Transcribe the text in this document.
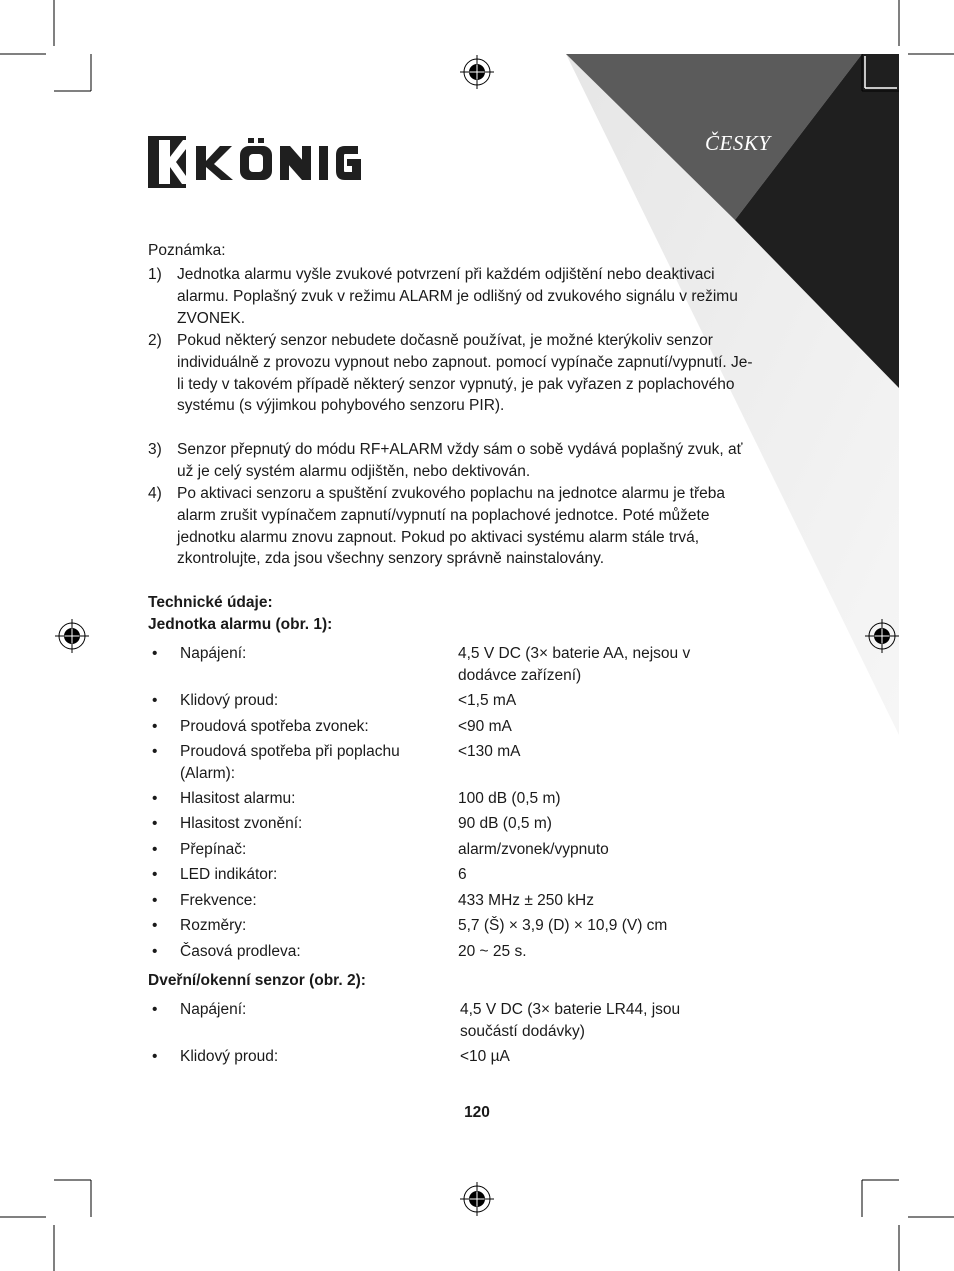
ČESKY
Poznámka:
1) Jednotka alarmu vyšle zvukové potvrzení při každém odjištění nebo deaktivaci alarmu. Poplašný zvuk v režimu ALARM je odlišný od zvukového signálu v režimu ZVONEK.
2) Pokud některý senzor nebudete dočasně používat, je možné kterýkoliv senzor individuálně z provozu vypnout nebo zapnout. pomocí vypínače zapnutí/vypnutí. Je-li tedy v takovém případě některý senzor vypnutý, je pak vyřazen z poplachového systému (s výjimkou pohybového senzoru PIR).
3) Senzor přepnutý do módu RF+ALARM vždy sám o sobě vydává poplašný zvuk, ať už je celý systém alarmu odjištěn, nebo dektivován.
4) Po aktivaci senzoru a spuštění zvukového poplachu na jednotce alarmu je třeba alarm zrušit vypínačem zapnutí/vypnutí na poplachové jednotce. Poté můžete jednotku alarmu znovu zapnout. Pokud po aktivaci systému alarm stále trvá, zkontrolujte, zda jsou všechny senzory správně nainstalovány.
Technické údaje:
Jednotka alarmu (obr. 1):
• Napájení:	4,5 V DC (3× baterie AA, nejsou v dodávce zařízení)
• Klidový proud:	<1,5 mA
• Proudová spotřeba zvonek:	<90 mA
• Proudová spotřeba při poplachu (Alarm):
<130 mA
• Hlasitost alarmu:	100 dB (0,5 m)
• Hlasitost zvonění:	90 dB (0,5 m)
• Přepínač:	alarm/zvonek/vypnuto
• LED indikátor:	6
• Frekvence:	433 MHz ± 250 kHz
• Rozměry:	5,7 (Š) × 3,9 (D) × 10,9 (V) cm
• Časová prodleva:	20 ~ 25 s.
Dveřní/okenní senzor (obr. 2):
• Napájení:	4,5 V DC (3× baterie LR44, jsou součástí dodávky)
• Klidový proud:	<10 µA
120
